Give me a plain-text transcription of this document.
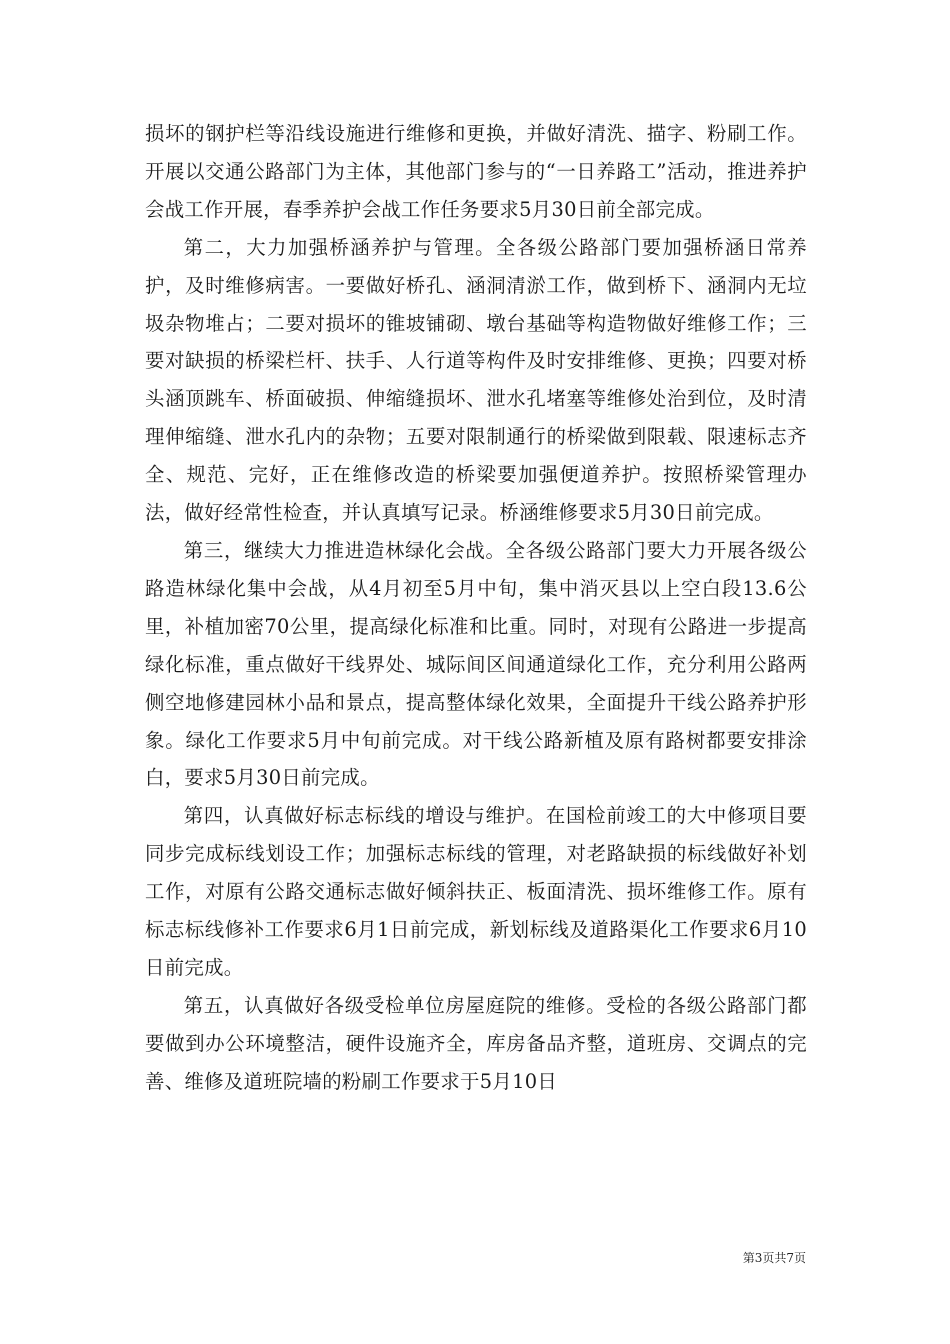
损坏的钢护栏等沿线设施进行维修和更换，并做好清洗、描字、粉刷工作。开展以交通公路部门为主体，其他部门参与的“一日养路工”活动，推进养护会战工作开展，春季养护会战工作任务要求5月30日前全部完成。

第二，大力加强桥涵养护与管理。全各级公路部门要加强桥涵日常养护，及时维修病害。一要做好桥孔、涵洞清淤工作，做到桥下、涵洞内无垃圾杂物堆占；二要对损坏的锥坡铺砌、墩台基础等构造物做好维修工作；三要对缺损的桥梁栏杆、扶手、人行道等构件及时安排维修、更换；四要对桥头涵顶跳车、桥面破损、伸缩缝损坏、泄水孔堵塞等维修处治到位，及时清理伸缩缝、泄水孔内的杂物；五要对限制通行的桥梁做到限载、限速标志齐全、规范、完好，正在维修改造的桥梁要加强便道养护。按照桥梁管理办法，做好经常性检查，并认真填写记录。桥涵维修要求5月30日前完成。

第三，继续大力推进造林绿化会战。全各级公路部门要大力开展各级公路造林绿化集中会战，从4月初至5月中旬，集中消灭县以上空白段13.6公里，补植加密70公里，提高绿化标准和比重。同时，对现有公路进一步提高绿化标准，重点做好干线界处、城际间区间通道绿化工作，充分利用公路两侧空地修建园林小品和景点，提高整体绿化效果，全面提升干线公路养护形象。绿化工作要求5月中旬前完成。对干线公路新植及原有路树都要安排涂白，要求5月30日前完成。

第四，认真做好标志标线的增设与维护。在国检前竣工的大中修项目要同步完成标线划设工作；加强标志标线的管理，对老路缺损的标线做好补划工作，对原有公路交通标志做好倾斜扶正、板面清洗、损坏维修工作。原有标志标线修补工作要求6月1日前完成，新划标线及道路渠化工作要求6月10日前完成。

第五，认真做好各级受检单位房屋庭院的维修。受检的各级公路部门都要做到办公环境整洁，硬件设施齐全，库房备品齐整，道班房、交调点的完善、维修及道班院墙的粉刷工作要求于5月10日

第3页共7页
